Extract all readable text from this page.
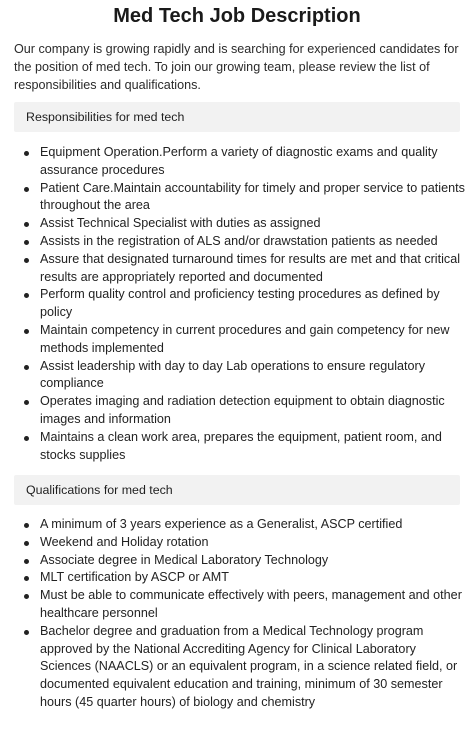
Med Tech Job Description

Our company is growing rapidly and is searching for experienced candidates for the position of med tech. To join our growing team, please review the list of responsibilities and qualifications.

Responsibilities for med tech
Equipment Operation.Perform a variety of diagnostic exams and quality assurance procedures
Patient Care.Maintain accountability for timely and proper service to patients throughout the area
Assist Technical Specialist with duties as assigned
Assists in the registration of ALS and/or drawstation patients as needed
Assure that designated turnaround times for results are met and that critical results are appropriately reported and documented
Perform quality control and proficiency testing procedures as defined by policy
Maintain competency in current procedures and gain competency for new methods implemented
Assist leadership with day to day Lab operations to ensure regulatory compliance
Operates imaging and radiation detection equipment to obtain diagnostic images and information
Maintains a clean work area, prepares the equipment, patient room, and stocks supplies
Qualifications for med tech
A minimum of 3 years experience as a Generalist, ASCP certified
Weekend and Holiday rotation
Associate degree in Medical Laboratory Technology
MLT certification by ASCP or AMT
Must be able to communicate effectively with peers, management and other healthcare personnel
Bachelor degree and graduation from a Medical Technology program approved by the National Accrediting Agency for Clinical Laboratory Sciences (NAACLS) or an equivalent program, in a science related field, or documented equivalent education and training, minimum of 30 semester hours (45 quarter hours) of biology and chemistry
